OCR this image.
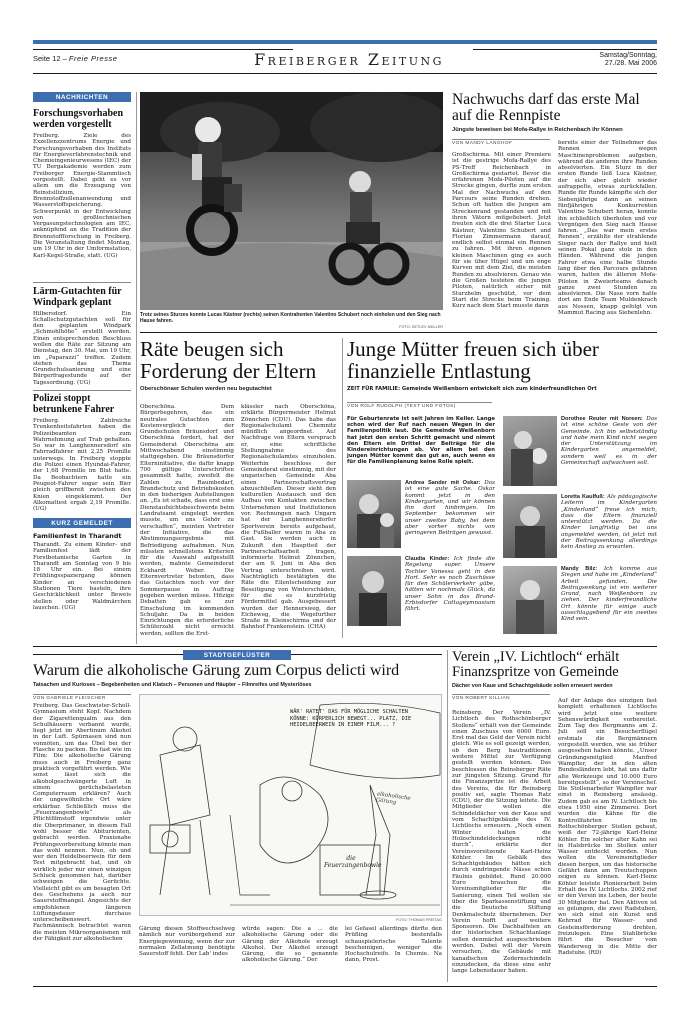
Seite 12 – Freie Presse	Freiberger Zeitung	Samstag/Sonntag,
27./28. Mai 2006
NACHRICHTEN
Forschungsvorhaben werden vorgestellt
Freiberg. Ziele des Exzellenzzentrums Energie und Forschungsvorhaben des Instituts für Energieverfahrenstechnik und Chemieingenieurwesens (IEC) der TU Bergakademie werden zum Freiberger Energie-Stammtisch vorgestellt. Dabei geht es vor allem um die Erzeugung von Reinstsilizium, Brennstoffzellenanwendung und Wasserstoffspeicherung. Schwerpunkt in der Entwicklung von großtechnischen Vergasungstechnologien am IEC, anknüpfend an die Tradition der Brennstoffforschung in Freiberg. Die Veranstaltung findet Montag, um 19 Uhr in der Umformstation, Karl-Kegel-Straße, statt. (UG)
Lärm-Gutachten für Windpark geplant
Hilbersdorf. Ein Schallschutzgutachten soll für den geplanten Windpark „Schmohlhöhe“ erstellt werden. Einen entsprechenden Beschluss wollen die Räte zur Sitzung am Dienstag, den 30. Mai, um 19 Uhr, im „Paparazzi“ treffen. Zudem stehen das Thema Grundschulsanierung und eine Bürgerfragestunde auf der Tagesordnung. (UG)
Polizei stoppt betrunkene Fahrer
Freiberg. Zahlreiche Trunkenheitsfahrten haben die Polizeibeamten zum Wahrnehmung auf Trab gehalten. So war in Langhennersdorf ein Fahrradfahrer mit 2,25 Promille unterwegs. In Freiberg stoppte die Polizei einen Hyundai-Fahrer, der 1,68 Promille im Blut hatte. Da Beobachtern hatte ein Peugeot-Fahrer sogar sein Bier gleich griffbereit zwischen den Knien eingeklemmt. Der Alkomattest ergab 2,19 Promille. (UG)
KURZ GEMELDET
Familienfest in Tharandt
Tharandt. Zu einem Kinder- und Familienfest lädt der Forstbotanische Garten in Tharandt am Sonntag von 9 bis 18 Uhr ein. Bei einem Frühlingsspaziergang können Kinder an verschiedenen Stationen Tiere basteln, ihre Geschicklichkeit unter Beweis stellen oder Waldmärchen lauschen. (UG)
Trotz seines Sturzes konnte Lucas Kästner (rechts) seinen Kontrahenten Valentino Schubert noch einholen und den Sieg nach Hause fahren.
FOTO: DETLEV MÜLLER
Nachwuchs darf das erste Mal auf die Rennpiste
Jüngste beweisen bei Mofa-Rallye in Reichenbach ihr Können
VON MANDY LANGHOF
Großschirma. Mit einer Premiere ist die gestrige Mofa-Rallye des PS-Treff Reichenbach in Großschirma gestartet. Bevor die erfahrenen Mofa-Piloten auf die Strecke gingen, durfte zum ersten Mal der Nachwuchs auf den Parcours seine Runden drehen. Schon oft hatten die Jungen am Streckenrand gestanden und mit ihren Vätern mitgefiebert. Jetzt freuten sich die drei Starter Luca Kästner, Valentino Schubert und Florian Zimmermann darauf, endlich selbst einmal ein Rennen zu fahren. Mit ihren eigenen kleinen Maschinen ging es auch für sie über Hügel und um enge Kurven mit dem Ziel, die meisten Runden zu absolvieren. Genau wie die Großen testeten die jungen Piloten, natürlich sicher mit Sturzhelm geschützt, vor dem Start die Strecke beim Training. Kurz nach dem Start musste dann
bereits einer der Teilnehmer das Rennen wegen Maschinenproblemen aufgeben, während die anderen ihre Runden absolvierten. Ein Sturz in der ersten Runde ließ Luca Kästner, der sich aber gleich wieder aufrappelte, etwas zurückfallen. Runde für Runde kämpfte sich der Siebenjährige dann an seinen fünfjährigen Konkurrenten Valentino Schubert heran, konnte ihn schließlich überholen und vor Vergnügen den Sieg nach Hause fahren. „Das war mein erstes Rennen“, erzählte der strahlende Sieger nach der Rallye und hielt seinen Pokal ganz stolz in den Händen. Während die jungen Fahrer etwa eine halbe Stunde lang über den Parcours gefahren waren, hatten die älteren Mofa-Piloten in Zweierteams danach ganze zwei Stunden zu absolvieren. Die Nase vorn hatte dort am Ende Team Muldenkrach aus Nossen, knapp gefolgt von Mammut Racing aus Siebenlehn.
Räte beugen sich Forderung der Eltern
Oberschönaer Schulen werden neu begutachtet
Oberschöna. Dem Bürgerbegehren, das ein neutrales Gutachten zum Kostenvergleich der Grundschulen Bräunsdorf und Oberschöna fordert, hat der Gemeinderat Oberschöna am Mittwochabend einstimmig stattgegeben. Die Bräunsdorfer Elterninitiative, die dafür knapp 700 gültige Unterschriften gesammelt hatte, zweifelt die Zahlen zu Raumbedarf, Brandschutz und Betriebskosten in den bisherigen Aufstellungen an. „Es ist schade, dass erst eine Dienstaufsichtsbeschwerde beim Landratsamt eingelegt werden musste, um uns Gehör zu verschaffen“, meinten Vertreter der Initiative, die das Abstimmungsergebnis mit Befriedigung aufnahmen. Nun müssten schnellstens Kriterien für die Auswahl aufgestellt werden, mahnte Gemeinderat Eckhardt Weber. Die Elternvertreter betonten, dass das Gutachten noch vor der Sommerpause in Auftrag gegeben werden müsse. Hitzige Debatten gab es zur Einschulung im kommenden Schuljahr. Da in beiden Einrichtungen die erforderliche Schülerzahl nicht erreicht werden, sollten die Erst-
klässler nach Oberschöna, erklärte Bürgermeister Helmut Zönnchen (CDU). Das habe das Regionalschulamt Chemnitz mündlich angeordnet. Auf Nachfrage von Eltern versprach er, eine schriftliche Stellungnahme des Regionalschulamtes einzuholen. Weiterhin beschloss der Gemeinderat einstimmig, mit der ungarischen Gemeinde Aba einen Partnerschaftsvertrag abzuschließen. Dieser sieht den kulturellen Austausch und den Aufbau von Kontakten zwischen Unternehmen und Institutionen vor. Rechnungen nach Ungarn hat der Langhennersdorfer Sportverein bereits aufgebaut, die Fußballer waren in Aba zu Gast. Sie werden auch in Zukunft den Hauptteil der Partnerschaftsarbeit tragen, informierte Helmut Zönnchen, der am 9. Juni in Aba den Vertrag unterschreiben wird. Nachträglich bestätigten die Räte die Eilentscheidung zur Beseitigung von Winterschäden, für die es kurzfristig Fördermittel gab. Ausgebessert wurden der Hennersweg, der Eicheweg, die Wegefurther Straße in Kleinschirma und der Bahnhof Frankenstein. (CHA)
Junge Mütter freuen sich über finanzielle Entlastung
ZEIT FÜR FAMILIE: Gemeinde Weißenborn entwickelt sich zum kinderfreundlichen Ort
VON ROLF RUDOLPH (TEXT UND FOTOS)
Für Geburtenrate ist seit Jahren im Keller. Lange schon wird der Ruf nach neuen Wegen in der Familienpolitik laut. Die Gemeinde Weißenborn hat jetzt den ersten Schritt gemacht und nimmt den Eltern ein Drittel der Beiträge für die Kindereinrichtungen ab. Vor allem bei den jungen Mütter kommt das gut an, auch wenn es für die Familienplanung keine Rolle spielt.
Andrea Sander mit Oskar: Das ist eine gute Sache. Oskar kommt jetzt in den Kindergarten, und wir können ihn dort hinbringen. Im September bekommen wir unser zweites Baby, bei dem aber vorher nichts von geringeren Beiträgen gewusst.
Claudia Kinder: Ich finde die Regelung super. Unsere Tochter Vanessa geht in den Hort. Sehr es noch Zuschüsse für den Schülerverkehr gäbe, hätten wir nochmals Glück, da unser Sohn in das Brand-Erbisdorfer Cottageymnasium fährt.
Dorothee Reuter mit Noreen: Das ist eine schöne Geste von der Gemeinde. Ich bin selbstständig und habe mein Kind nicht wegen der Unterstützung im Kindergarten angemeldet, sondern weil es in der Gemeinschaft aufwachsen soll.
Loretta Kaulfuß: Als pädagogische Leiterin im Kindergarten „Kinderland“ freue ich mich, dass die Eltern finanziell unterstützt werden. Da die Kinder langfristig bei uns angemeldet werden, ist jetzt mit der Beitragssenkung allerdings kein Anstieg zu erwarten.
Mandy Bilz: Ich komme aus Siegen und habe im „Kinderland“ Arbeit gefunden. Die Beitragsenkung ist ein weiterer Grund, nach Weißenborn zu ziehen. Der kinderfreundliche Ort könnte für einige auch ausschlaggebend für ein zweites Kind sein.
STADTGEFLÜSTER
Warum die alkoholische Gärung zum Corpus delicti wird
Tatsachen und Kurioses – Begebenheiten und Klatsch – Personen und Häupter – Filmreifes und Mysteriöses
VON GABRIELE FLEISCHER
Freiberg. Das Geschwister-Scholl-Gymnasium steht Kopf. Nachdem der Zigarettenqualm aus den Schulhäusern verbannt wurde, liegt jetzt im Abertinum Alkohol in der Luft. Spürnasen sind nun vonnöten, um das Übel bei der Flasche zu packen. Bis fast wie im Film: Die alkoholische Gärung muss auch in Freiberg ganz praktisch vorgeführt werden. Wie sonst lässt sich die alkoholgeschwängerte Luft in einem gerüchsbelasteten Computerraum erklären? Auch der ungewöhnliche Ort wäre erklärbar. Schließlich muss die „Feuerzangenbowle“ als Pflichtfilmstoff irgendwie unter die Oberprimaner, in diesem Fall wohl besser die Abiturienten, gebracht werden. Praxisnahe Prüfungsvorbereitung könnte man das wohl nennen. Nun, ob und wer den Heidelbeerwein für dem Test mitgebracht hat, und ob wirklich jeder nur einen winzigen Schluck genommen hat, darüber schweigen die Gerüchte. Vielleicht gibt es am besagten Ort des Geschehens ja auch nur Sauerstoffmangel. Angesichts der empfohlenen längeren Lüftungsdauer durchaus unterscheibenswert. Fachmännisch betrachtet waren die meisten Mikroorganismen mit der Fähigkeit zur alkoholischen
WÄR' RATET' DAS FÜR MÖGLICHE SCHALTEN KÖNNE: KÖRPERLICH BEWEGT... PLATZ, DIE HEIDELBEERWEIN IN EINEM FILM... ?
die Feuerzangenbowle
alkoholische Gärung
FOTO: THOMAS FREITAG
Gärung diesen Stoffwechselweg nämlich nur vorübergehend zur Energiegewinnung, wenn der zur normalen Zellatmung benötigte Sauerstoff fehlt. Der Lab' indes
würde sagen: Die a ... die alkoholische Gärung oder die Gärung der Alkohole erzeugt Alkohol. Der Alkohol erzeugt Gärung, die so genannte alkoholische Gärung.“ Der
lei Gefasel allerdings dürfte den Prüfling bestenfalls schauspielerische Talente bescheinigen, weniger die Hochschulreife. In Chemie. Na dann, Prost.
Verein „IV. Lichtloch“ erhält Finanzspritze von Gemeinde
Dächer von Kaue und Schachtgebäude sollen erneuert werden
VON ROBERT KILLIAN
Reinsberg. Der Verein „IV. Lichtloch des Rothschönberger Stollens“ erhält von der Gemeinde einen Zuschuss von 6000 Euro. Erst mal das Geld der Verein nicht gleich. Wie es soll gezeigt werden, ob den Berg bautraditionen weitere Mittel zur Verfügung gestellt werden können. Das beschlossen die Reinsberger Räte zur jüngsten Sitzung. Grund für die Finanzspritze ist die Arbeit des Vereins, die für Reinsberg positiv sei, sagte Thomas Ratz (CDU), der die Sitzung leitete. Die Mitglieder wollen die Schindeldächer von der Kaue und vom Schachtgebäude des IV. Lichtlochs erneuern. „Noch einen Winter halten die Holzschindeldeckungen nicht durch“, erklärte der Vereinsvorsitzende Karl-Heinz Köhler. Im Gebälk des Schachtgebäudes hätten sich durch eindringende Nässe schon Fäulnis gebildet. Rund 20.000 Euro brauchen die Vereinsmitglieder für die Sanierung, einen Teil wollen sie über die Sparkassenstiftung und die Deutsche Stiftung Denkmalschutz übernehmen. Der Verein hofft auf weitere Sponsoren. Die Dachhalfelen an der historischen Schachtanlage sollen denmächst ausgeschrieben werden. Dabei will der Verein versuchen, die Gebäude mit kanadischen Zedernschindeln einzudecken, da diese eine sehr lange Lebensdauer haben.
Auf der Anlage des einzigen fast komplett erhaltenen Lichtlochs wird jetzt eine weitere Sehenswürdigkeit vorbereitet. Zum Tag des Bergmanns am 2. Juli soll ein Besucherflügel erstmals die Bergmännern vorgestellt werden, wie sie früher ausgesehen haben könnte. „Unser Gründungsmitglied Manfred Wampfler, der in den alten Bundesländern lebt, hat uns dafür alte Werkzeuge und 10.000 Euro bereitgestellt“, so der Vereinschef. Die Stollenarbeiter Wampfler war einst in Reinsberg ansässig. Zudem gab es am IV. Lichtloch bis etwa 1950 eine Zimmerei. Dort wurden die Kähne für die Kontrollfahrten im Rothschönberger Stollen gebaut, weiß der 72-jährige Karl-Heinz Köhler. Ein solcher alter Kahn sei in Halsbrücke im Stollen unter Wasser entdeckt worden. Nun wollen die Vereinsmitglieder diesen bergen, um das historische Gefährt dann am Treutschuppen zeigen zu können. Karl-Heinz Köhler leistete Pionierarbeit beim Erhalt des IV. Lichtlochs. 2002 rief er den Verein ins Leben, der heute 30 Mitglieder hat. Den Aktiven ist es gelungen, die zwei Radstuben, wo sich einst ein Kunst und Kehrrad für Wasser- und Gesteinsförderung drehten, freizulegen. Eine Stahlbrücke führt die Besucher vom Wanderweg in die Mitte der Radstube. (RD)
